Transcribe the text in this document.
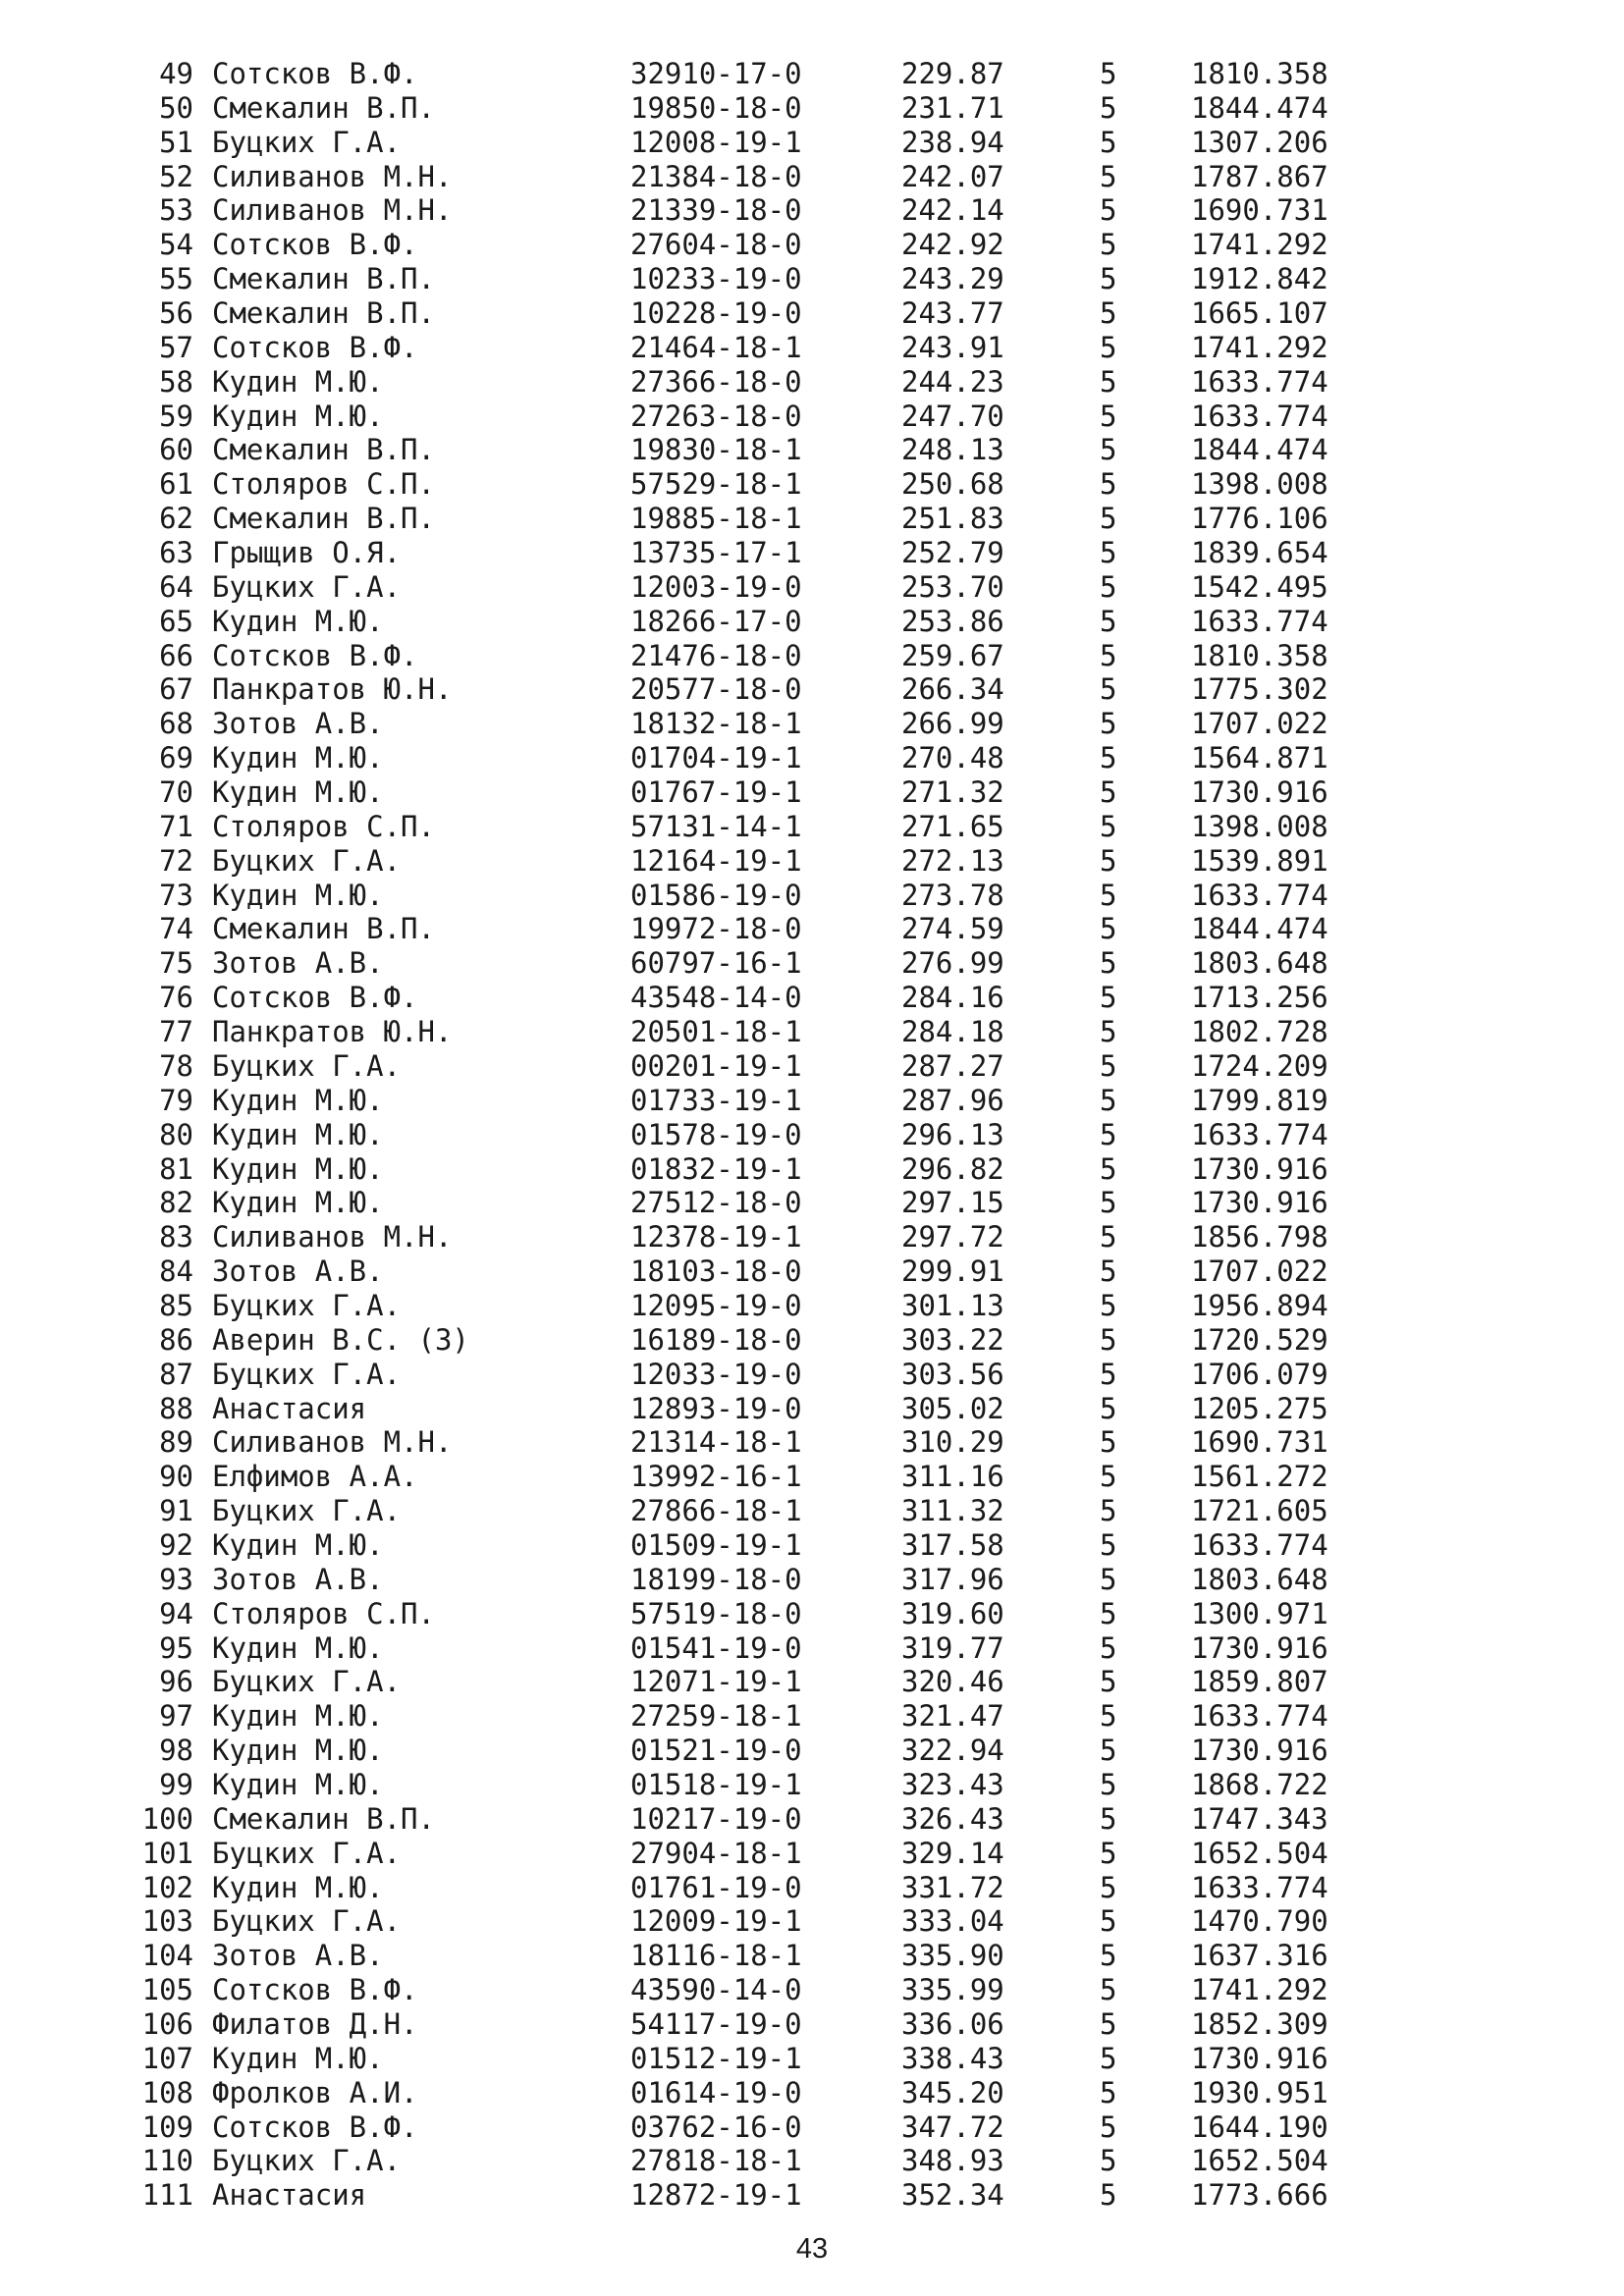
49 Сотсков В.Ф.	32910-17-0	229.87	5	1810.358
50 Смекалин В.П.	19850-18-0	231.71	5	1844.474
51 Буцких Г.А.	12008-19-1	238.94	5	1307.206
52 Силиванов М.Н.	21384-18-0	242.07	5	1787.867
53 Силиванов М.Н.	21339-18-0	242.14	5	1690.731
54 Сотсков В.Ф.	27604-18-0	242.92	5	1741.292
55 Смекалин В.П.	10233-19-0	243.29	5	1912.842
56 Смекалин В.П.	10228-19-0	243.77	5	1665.107
57 Сотсков В.Ф.	21464-18-1	243.91	5	1741.292
58 Кудин М.Ю.	27366-18-0	244.23	5	1633.774
59 Кудин М.Ю.	27263-18-0	247.70	5	1633.774
60 Смекалин В.П.	19830-18-1	248.13	5	1844.474
61 Столяров С.П.	57529-18-1	250.68	5	1398.008
62 Смекалин В.П.	19885-18-1	251.83	5	1776.106
63 Грыщив О.Я.	13735-17-1	252.79	5	1839.654
64 Буцких Г.А.	12003-19-0	253.70	5	1542.495
65 Кудин М.Ю.	18266-17-0	253.86	5	1633.774
66 Сотсков В.Ф.	21476-18-0	259.67	5	1810.358
67 Панкратов Ю.Н.	20577-18-0	266.34	5	1775.302
68 Зотов А.В.	18132-18-1	266.99	5	1707.022
69 Кудин М.Ю.	01704-19-1	270.48	5	1564.871
70 Кудин М.Ю.	01767-19-1	271.32	5	1730.916
71 Столяров С.П.	57131-14-1	271.65	5	1398.008
72 Буцких Г.А.	12164-19-1	272.13	5	1539.891
73 Кудин М.Ю.	01586-19-0	273.78	5	1633.774
74 Смекалин В.П.	19972-18-0	274.59	5	1844.474
75 Зотов А.В.	60797-16-1	276.99	5	1803.648
76 Сотсков В.Ф.	43548-14-0	284.16	5	1713.256
77 Панкратов Ю.Н.	20501-18-1	284.18	5	1802.728
78 Буцких Г.А.	00201-19-1	287.27	5	1724.209
79 Кудин М.Ю.	01733-19-1	287.96	5	1799.819
80 Кудин М.Ю.	01578-19-0	296.13	5	1633.774
81 Кудин М.Ю.	01832-19-1	296.82	5	1730.916
82 Кудин М.Ю.	27512-18-0	297.15	5	1730.916
83 Силиванов М.Н.	12378-19-1	297.72	5	1856.798
84 Зотов А.В.	18103-18-0	299.91	5	1707.022
85 Буцких Г.А.	12095-19-0	301.13	5	1956.894
86 Аверин В.С. (З)	16189-18-0	303.22	5	1720.529
87 Буцких Г.А.	12033-19-0	303.56	5	1706.079
88 Анастасия	12893-19-0	305.02	5	1205.275
89 Силиванов М.Н.	21314-18-1	310.29	5	1690.731
90 Елфимов А.А.	13992-16-1	311.16	5	1561.272
91 Буцких Г.А.	27866-18-1	311.32	5	1721.605
92 Кудин М.Ю.	01509-19-1	317.58	5	1633.774
93 Зотов А.В.	18199-18-0	317.96	5	1803.648
94 Столяров С.П.	57519-18-0	319.60	5	1300.971
95 Кудин М.Ю.	01541-19-0	319.77	5	1730.916
96 Буцких Г.А.	12071-19-1	320.46	5	1859.807
97 Кудин М.Ю.	27259-18-1	321.47	5	1633.774
98 Кудин М.Ю.	01521-19-0	322.94	5	1730.916
99 Кудин М.Ю.	01518-19-1	323.43	5	1868.722
100 Смекалин В.П.	10217-19-0	326.43	5	1747.343
101 Буцких Г.А.	27904-18-1	329.14	5	1652.504
102 Кудин М.Ю.	01761-19-0	331.72	5	1633.774
103 Буцких Г.А.	12009-19-1	333.04	5	1470.790
104 Зотов А.В.	18116-18-1	335.90	5	1637.316
105 Сотсков В.Ф.	43590-14-0	335.99	5	1741.292
106 Филатов Д.Н.	54117-19-0	336.06	5	1852.309
107 Кудин М.Ю.	01512-19-1	338.43	5	1730.916
108 Фролков А.И.	01614-19-0	345.20	5	1930.951
109 Сотсков В.Ф.	03762-16-0	347.72	5	1644.190
110 Буцких Г.А.	27818-18-1	348.93	5	1652.504
111 Анастасия	12872-19-1	352.34	5	1773.666
43
